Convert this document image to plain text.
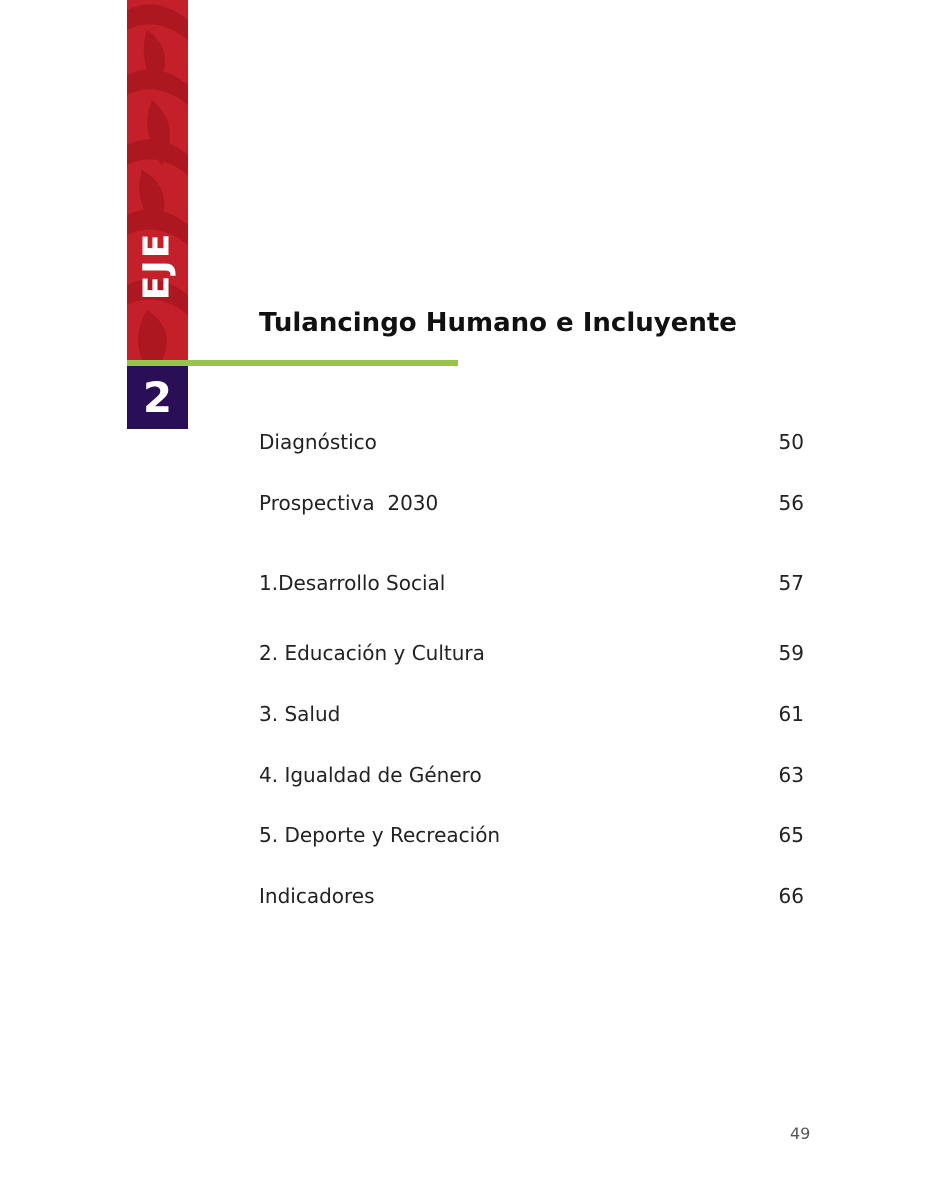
EJE
2
Tulancingo Humano e Incluyente
Diagnóstico	50
Prospectiva  2030	56
1.Desarrollo Social	57
2. Educación y Cultura	59
3. Salud	61
4. Igualdad de Género	63
5. Deporte y Recreación	65
Indicadores	66
49
